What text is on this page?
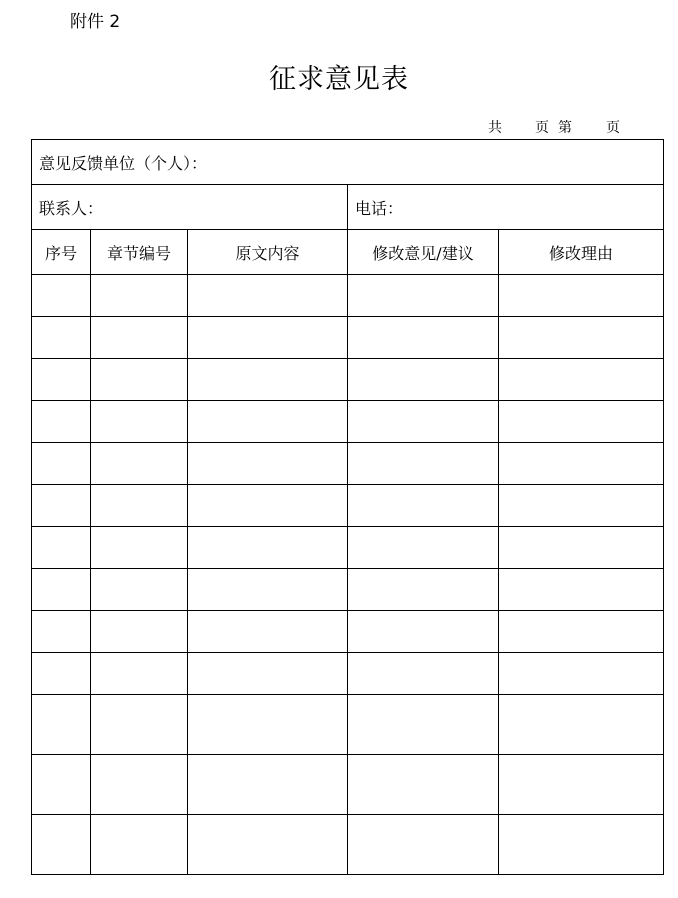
附件 2
征求意见表
共 页 第 页
意见反馈单位（个人）：				
联系人：			电话：	
序号	章节编号	原文内容	修改意见/建议	修改理由
